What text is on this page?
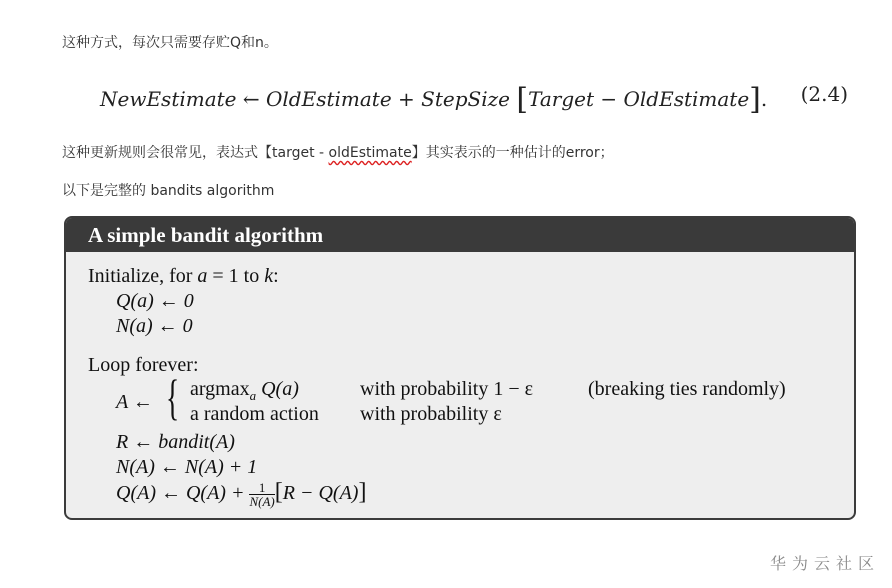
这种方式，每次只需要存贮Q和n。
NewEstimate ← OldEstimate + StepSize [Target − OldEstimate]. (2.4)
这种更新规则会很常见，表达式【target - oldEstimate】其实表示的一种估计的error；
以下是完整的 bandits algorithm
A simple bandit algorithm
Initialize, for a = 1 to k:
Q(a) ← 0
N(a) ← 0
Loop forever:
A ← { argmax$_a$ Q(a)
a random action
with probability 1 − ε
with probability ε
(breaking ties randomly)
R ← bandit(A)
N(A) ← N(A) + 1
Q(A) ← $Q(A) + \frac{1}{N(A)} [R - Q(A)]$
华为云社区
